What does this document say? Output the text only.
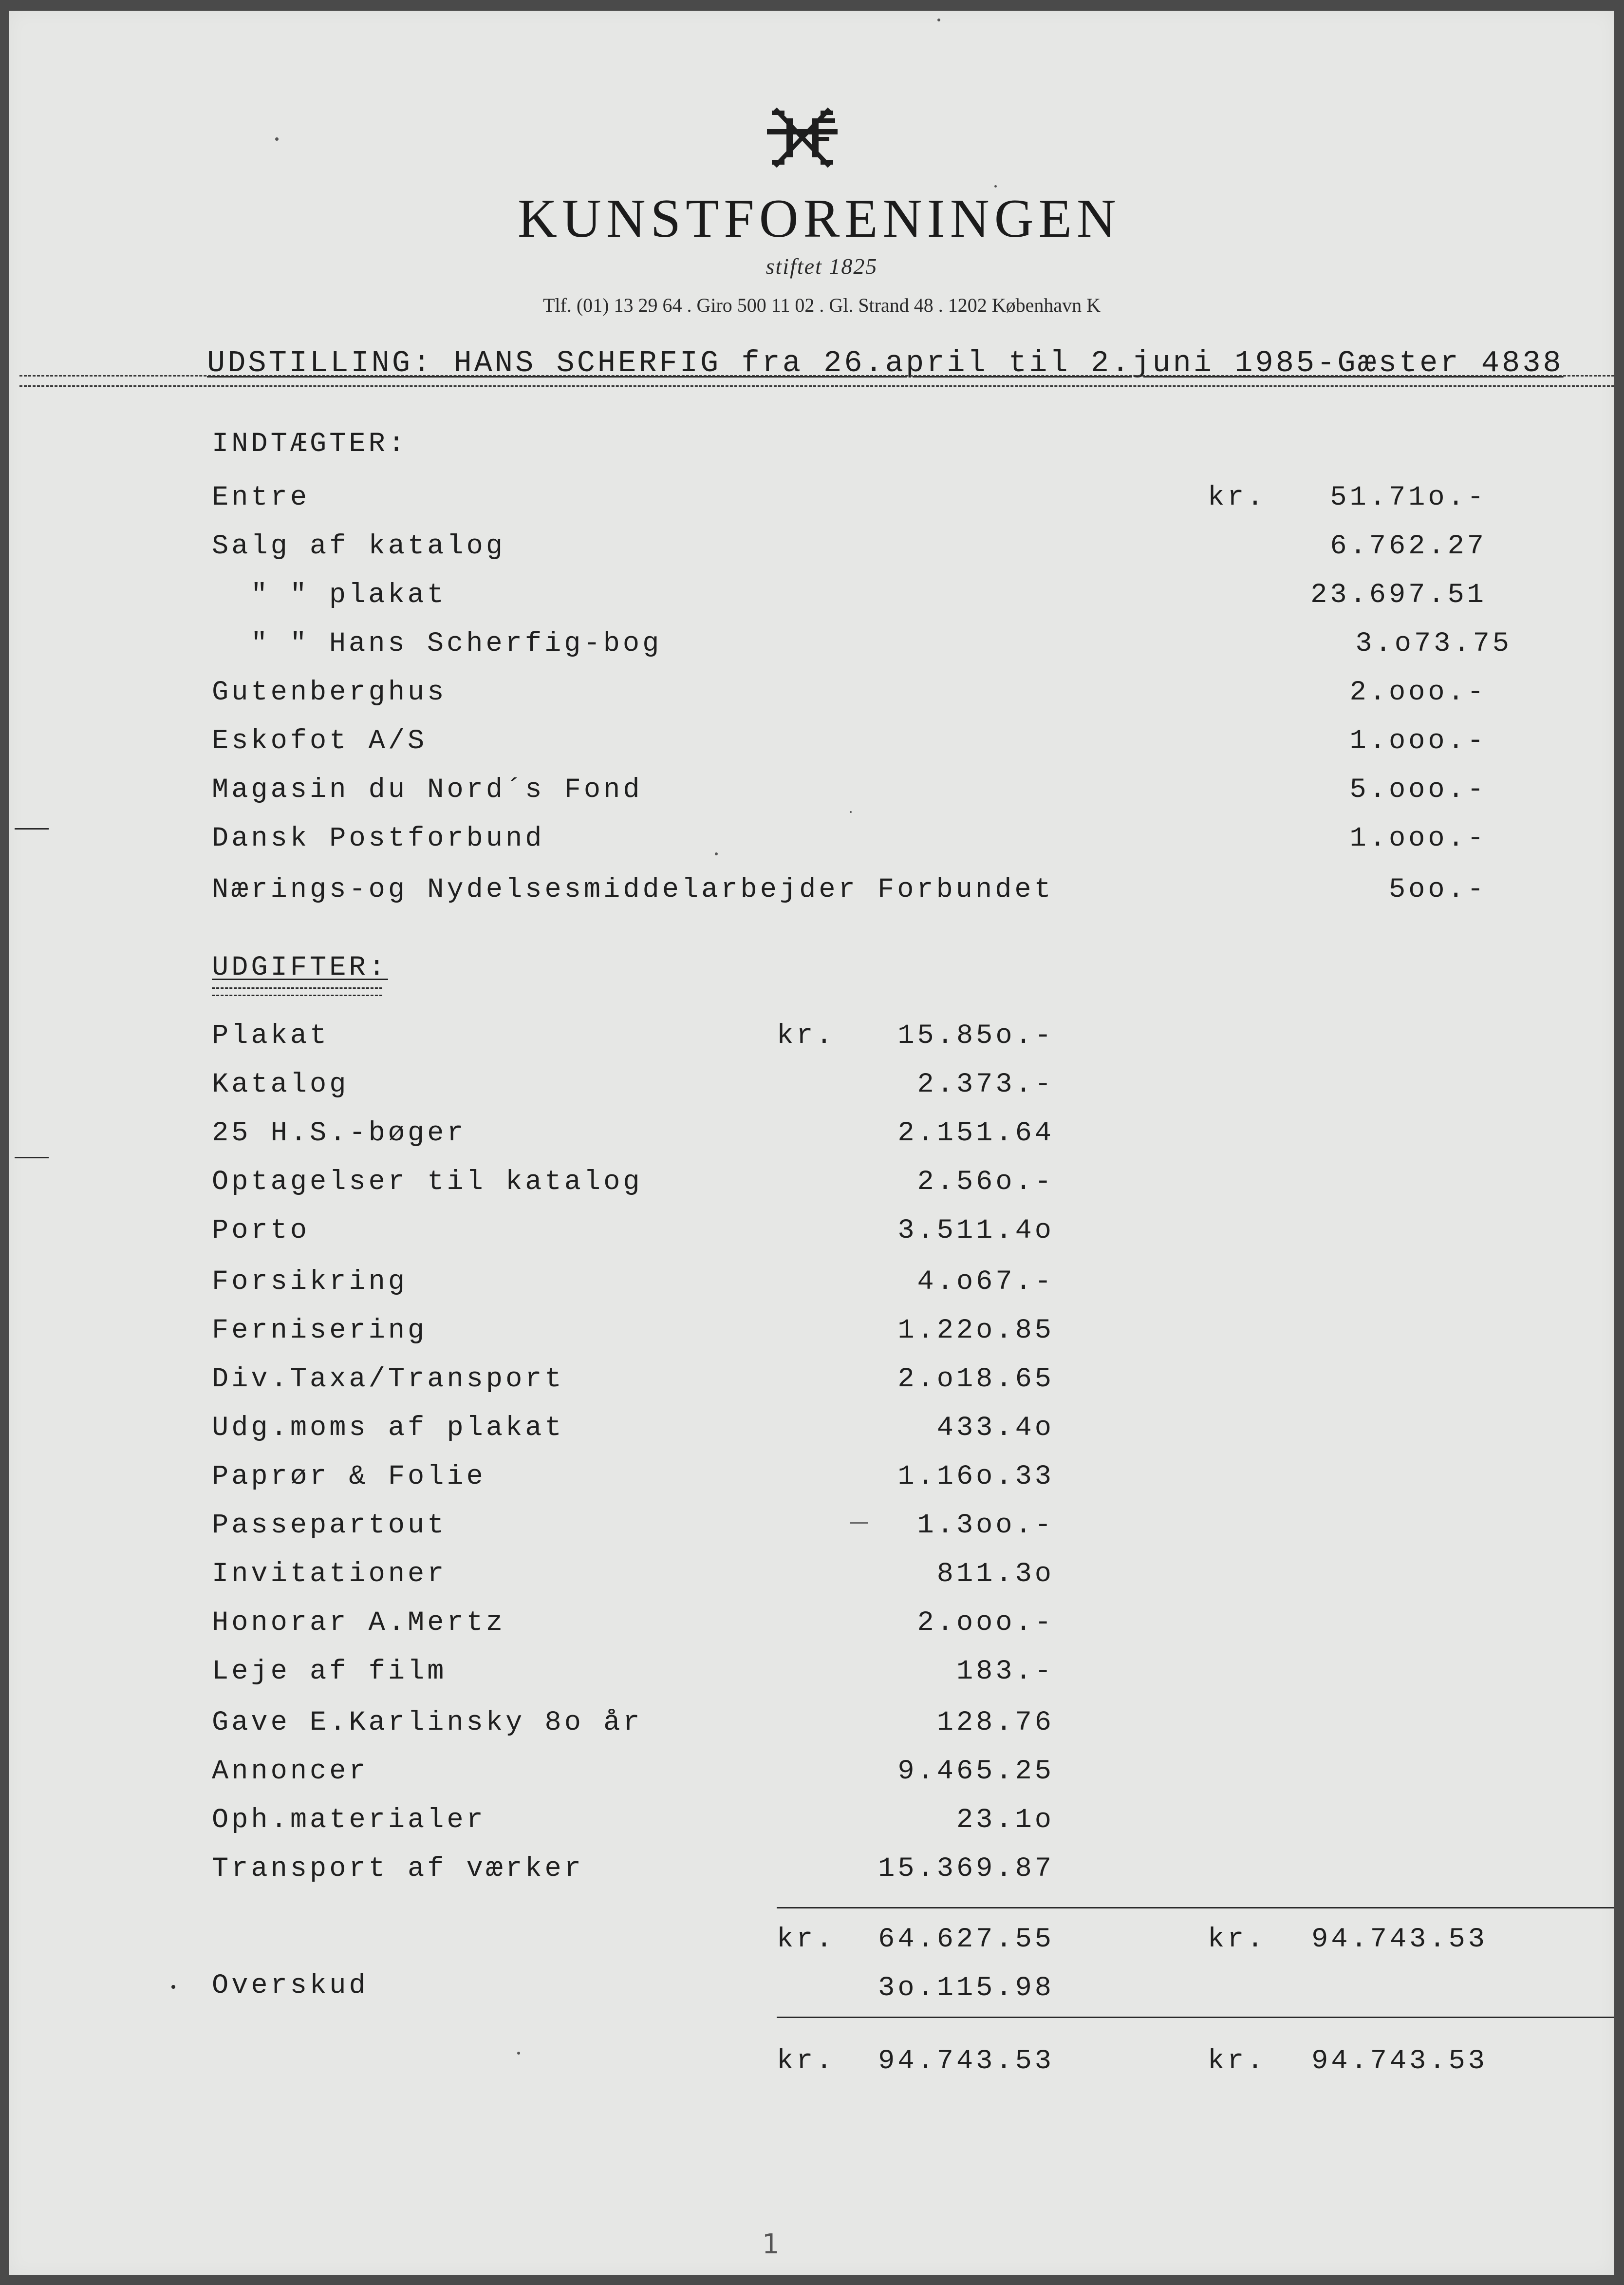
KUNSTFORENINGEN
stiftet 1825
Tlf. (01) 13 29 64 . Giro 500 11 02 . Gl. Strand 48 . 1202 København K
UDSTILLING: HANS SCHERFIG fra 26.april til 2.juni 1985-Gæster 4838
INDTÆGTER:
Entre	kr. 51.71o.-
Salg af katalog	6.762.27
" " plakat	23.697.51
" " Hans Scherfig-bog	3.o73.75
Gutenberghus	2.ooo.-
Eskofot A/S	1.ooo.-
Magasin du Nord´s Fond	5.ooo.-
Dansk Postforbund	1.ooo.-
Nærings-og Nydelsesmiddelarbejder Forbundet	5oo.-
UDGIFTER:
Plakat	kr. 15.85o.-
Katalog	2.373.-
25 H.S.-bøger	2.151.64
Optagelser til katalog	2.56o.-
Porto	3.511.4o
Forsikring	4.o67.-
Fernisering	1.22o.85
Div.Taxa/Transport	2.o18.65
Udg.moms af plakat	433.4o
Paprør & Folie	1.16o.33
Passepartout	1.3oo.-
Invitationer	811.3o
Honorar A.Mertz	2.ooo.-
Leje af film	183.-
Gave E.Karlinsky 8o år	128.76
Annoncer	9.465.25
Oph.materialer	23.1o
Transport af værker	15.369.87
kr. 64.627.55	kr. 94.743.53
Overskud	3o.115.98
kr. 94.743.53	kr. 94.743.53
1
